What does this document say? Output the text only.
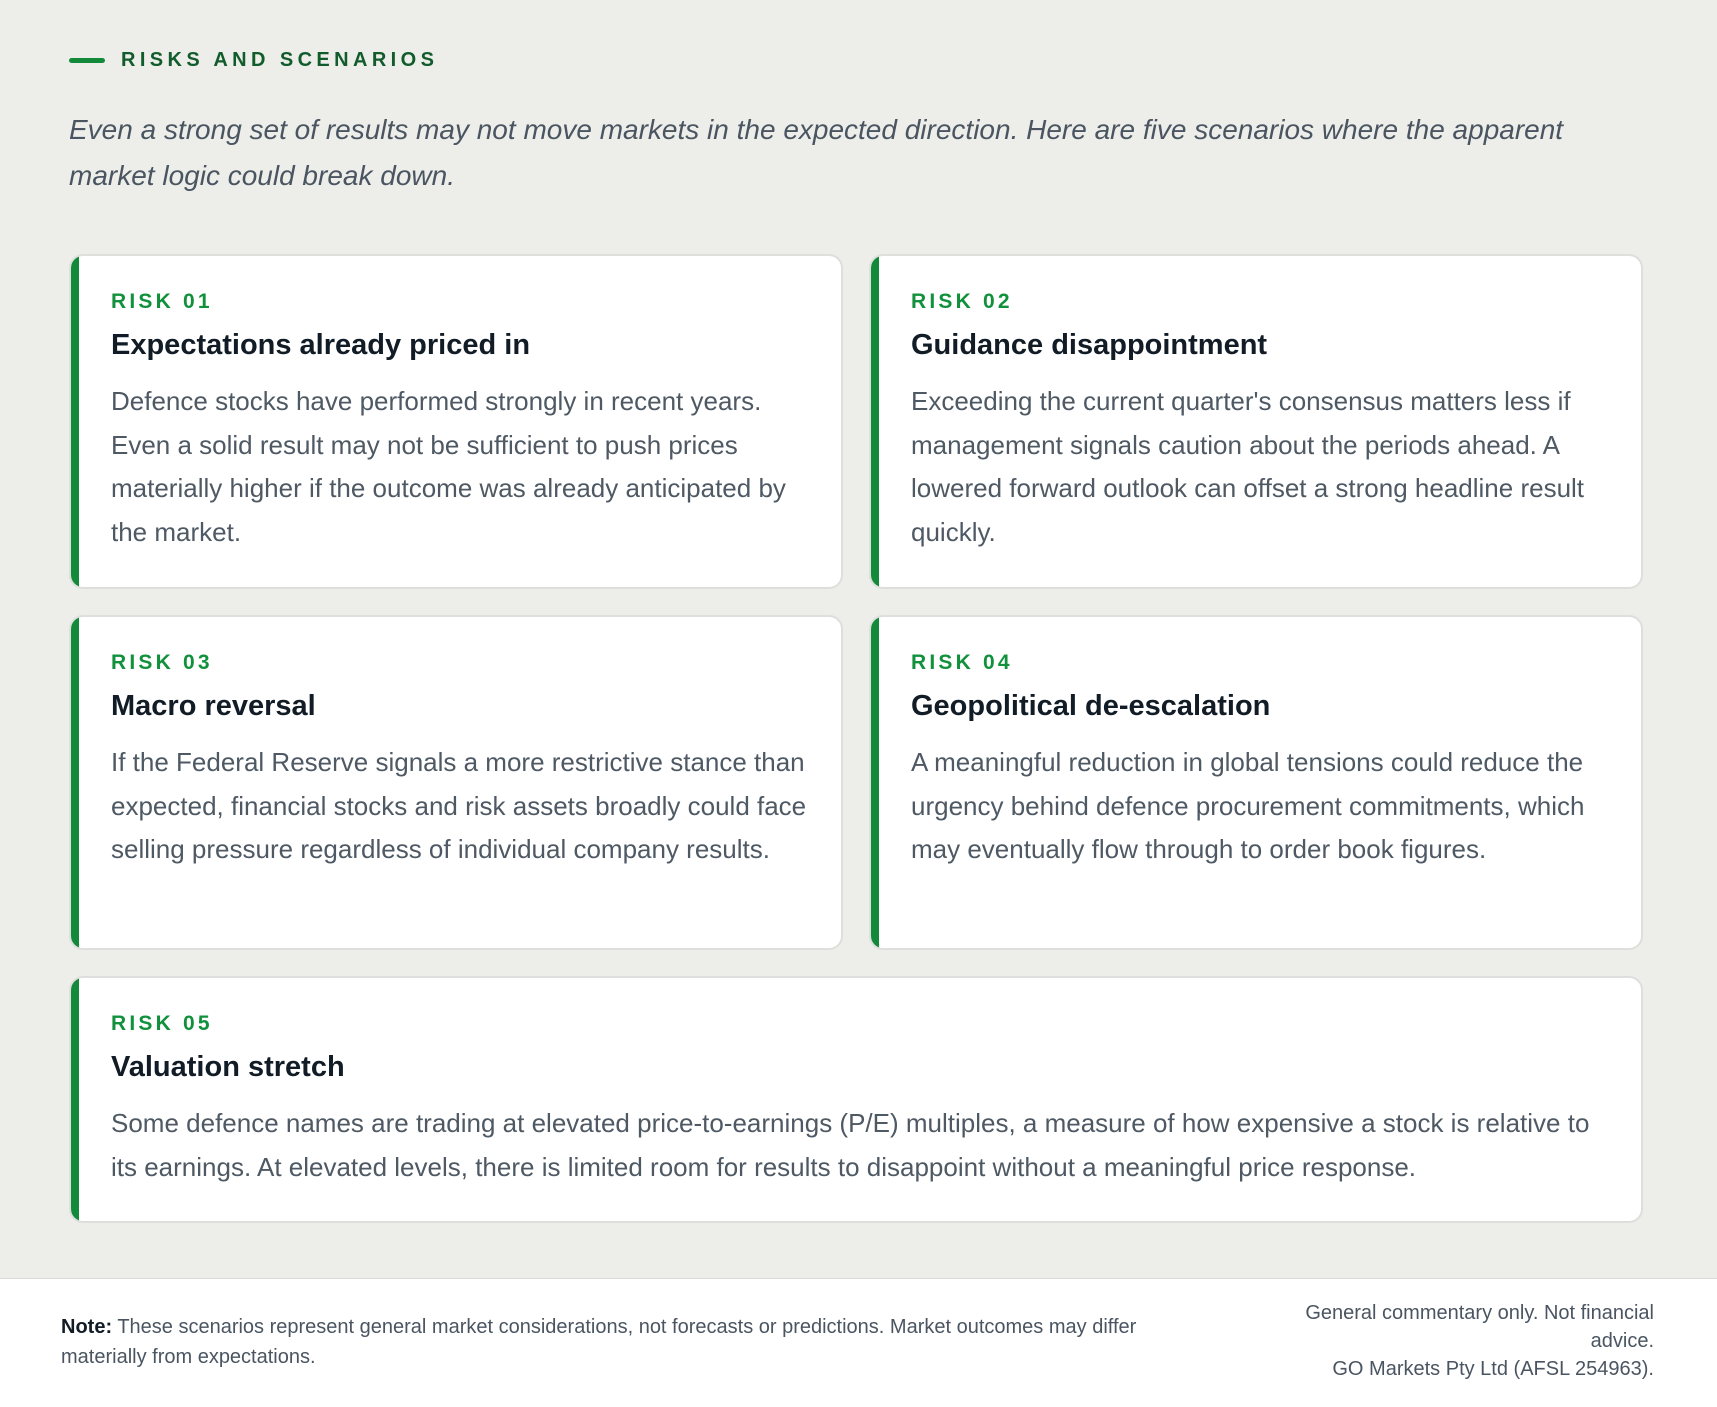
RISKS AND SCENARIOS

Even a strong set of results may not move markets in the expected direction. Here are five scenarios where the apparent market logic could break down.

RISK 01
Expectations already priced in

Defence stocks have performed strongly in recent years. Even a solid result may not be sufficient to push prices materially higher if the outcome was already anticipated by the market.

RISK 02
Guidance disappointment

Exceeding the current quarter's consensus matters less if management signals caution about the periods ahead. A lowered forward outlook can offset a strong headline result quickly.

RISK 03
Macro reversal

If the Federal Reserve signals a more restrictive stance than expected, financial stocks and risk assets broadly could face selling pressure regardless of individual company results.

RISK 04
Geopolitical de-escalation

A meaningful reduction in global tensions could reduce the urgency behind defence procurement commitments, which may eventually flow through to order book figures.

RISK 05
Valuation stretch

Some defence names are trading at elevated price-to-earnings (P/E) multiples, a measure of how expensive a stock is relative to its earnings. At elevated levels, there is limited room for results to disappoint without a meaningful price response.

Note: These scenarios represent general market considerations, not forecasts or predictions. Market outcomes may differ materially from expectations.

General commentary only. Not financial advice.
GO Markets Pty Ltd (AFSL 254963).
